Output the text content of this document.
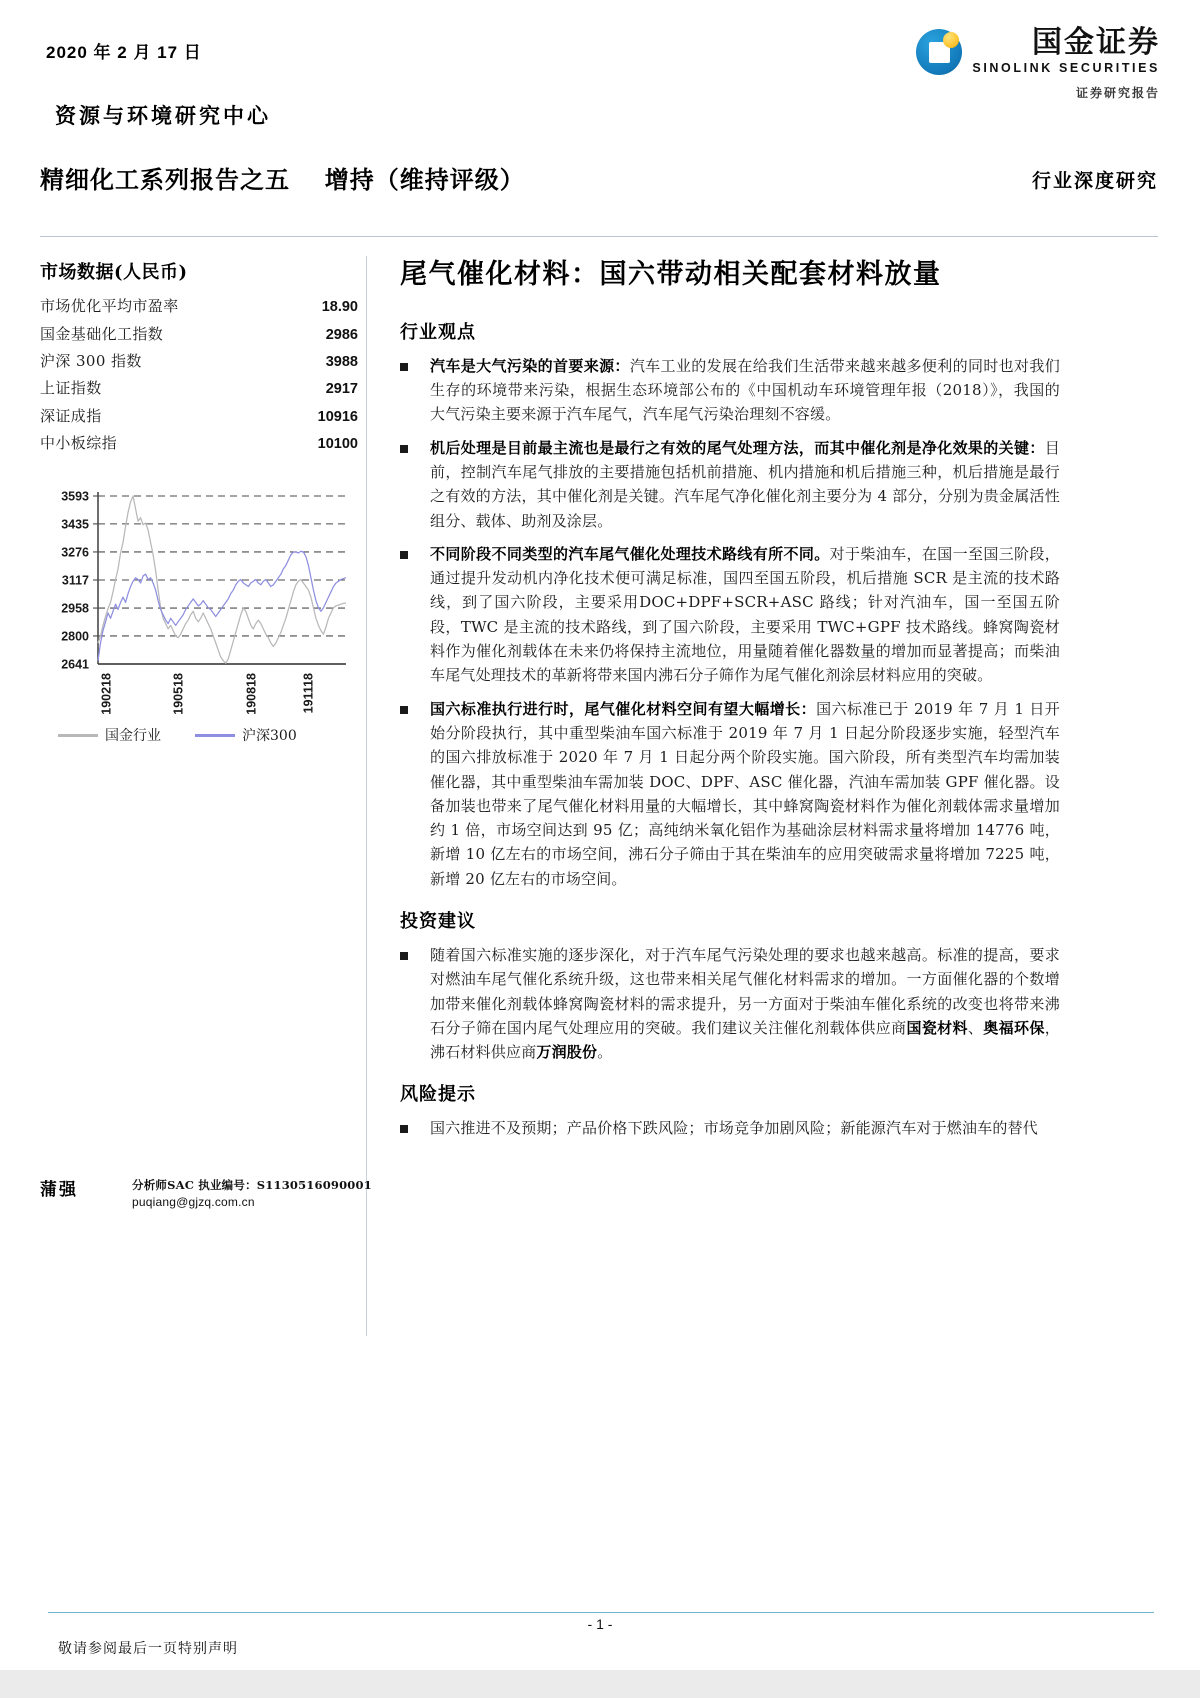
2020 年 2 月 17 日
资源与环境研究中心
国金证券
SINOLINK SECURITIES
证券研究报告
精细化工系列报告之五 增持（维持评级）	行业深度研究
市场数据(人民币)
市场优化平均市盈率	18.90
国金基础化工指数	2986
沪深 300 指数	3988
上证指数	2917
深证成指	10916
中小板综指	10100
2641
2800
2958
3117
3276
3435
3593
190218	190518	190818	191118
国金行业	沪深300
蒲强	分析师SAC 执业编号：S1130516090001
puqiang@gjzq.com.cn
尾气催化材料：国六带动相关配套材料放量
行业观点
汽车是大气污染的首要来源：汽车工业的发展在给我们生活带来越来越多便利的同时也对我们生存的环境带来污染，根据生态环境部公布的《中国机动车环境管理年报（2018）》，我国的大气污染主要来源于汽车尾气，汽车尾气污染治理刻不容缓。
机后处理是目前最主流也是最行之有效的尾气处理方法，而其中催化剂是净化效果的关键：目前，控制汽车尾气排放的主要措施包括机前措施、机内措施和机后措施三种，机后措施是最行之有效的方法，其中催化剂是关键。汽车尾气净化催化剂主要分为 4 部分，分别为贵金属活性组分、载体、助剂及涂层。
不同阶段不同类型的汽车尾气催化处理技术路线有所不同。对于柴油车，在国一至国三阶段，通过提升发动机内净化技术便可满足标准，国四至国五阶段，机后措施 SCR 是主流的技术路线，到了国六阶段，主要采用DOC+DPF+SCR+ASC 路线；针对汽油车，国一至国五阶段，TWC 是主流的技术路线，到了国六阶段，主要采用 TWC+GPF 技术路线。蜂窝陶瓷材料作为催化剂载体在未来仍将保持主流地位，用量随着催化器数量的增加而显著提高；而柴油车尾气处理技术的革新将带来国内沸石分子筛作为尾气催化剂涂层材料应用的突破。
国六标准执行进行时，尾气催化材料空间有望大幅增长：国六标准已于 2019 年 7 月 1 日开始分阶段执行，其中重型柴油车国六标准于 2019 年 7 月 1 日起分阶段逐步实施，轻型汽车的国六排放标准于 2020 年 7 月 1 日起分两个阶段实施。国六阶段，所有类型汽车均需加装催化器，其中重型柴油车需加装 DOC、DPF、ASC 催化器，汽油车需加装 GPF 催化器。设备加装也带来了尾气催化材料用量的大幅增长，其中蜂窝陶瓷材料作为催化剂载体需求量增加约 1 倍，市场空间达到 95 亿；高纯纳米氧化铝作为基础涂层材料需求量将增加 14776 吨，新增 10 亿左右的市场空间，沸石分子筛由于其在柴油车的应用突破需求量将增加 7225 吨，新增 20 亿左右的市场空间。
投资建议
随着国六标准实施的逐步深化，对于汽车尾气污染处理的要求也越来越高。标准的提高，要求对燃油车尾气催化系统升级，这也带来相关尾气催化材料需求的增加。一方面催化器的个数增加带来催化剂载体蜂窝陶瓷材料的需求提升，另一方面对于柴油车催化系统的改变也将带来沸石分子筛在国内尾气处理应用的突破。我们建议关注催化剂载体供应商国瓷材料、奥福环保，沸石材料供应商万润股份。
风险提示
国六推进不及预期；产品价格下跌风险；市场竞争加剧风险；新能源汽车对于燃油车的替代
- 1 -
敬请参阅最后一页特别声明
